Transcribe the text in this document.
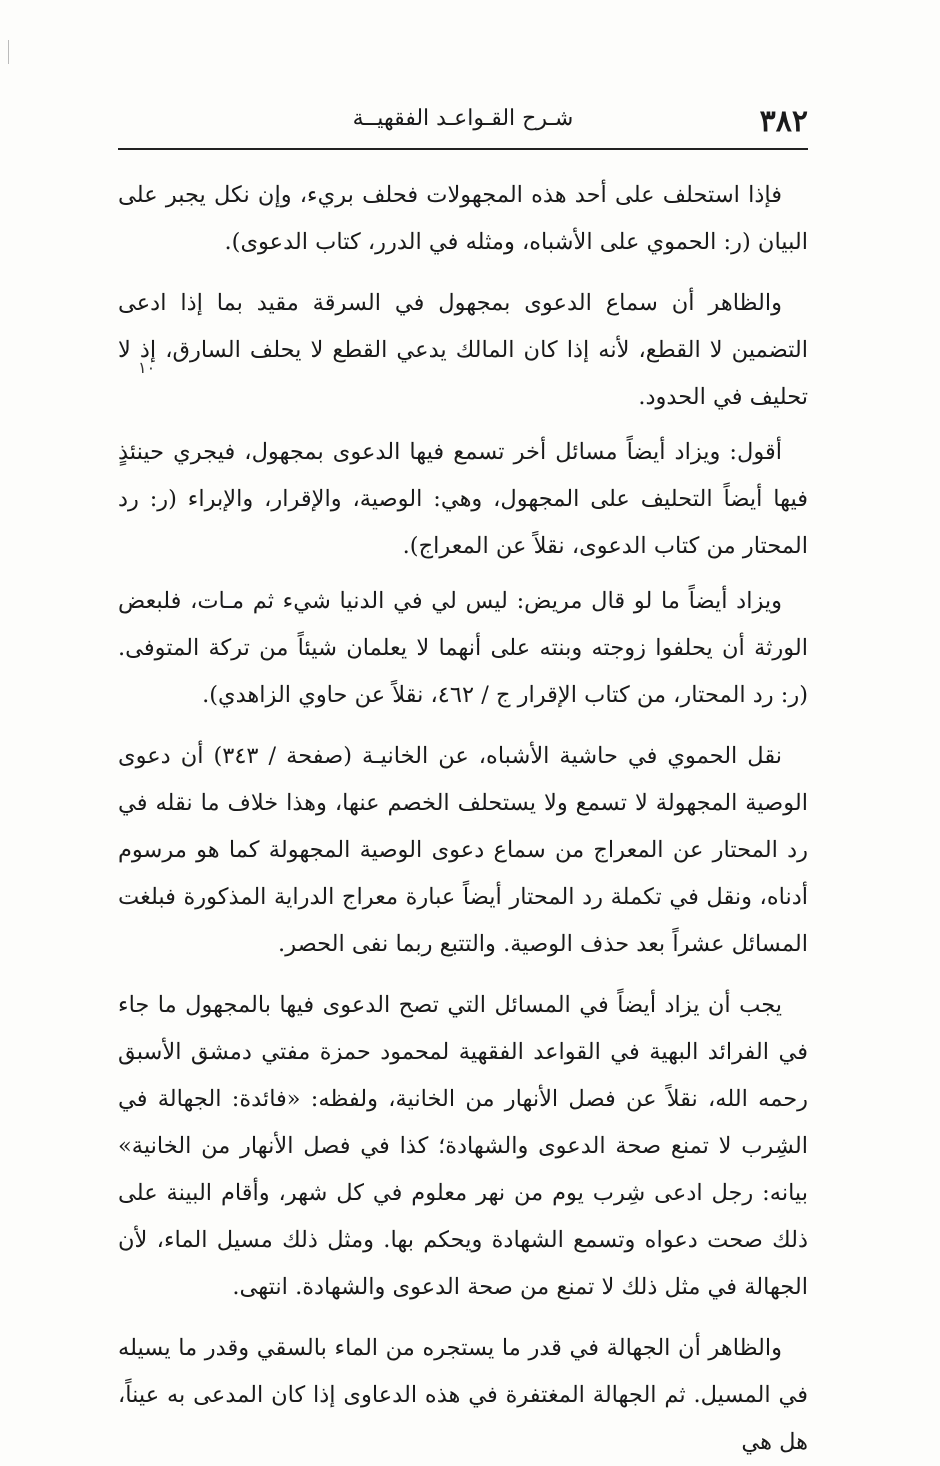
٣٨٢
شـرح القـواعـد الفقهيــة

فإذا استحلف على أحد هذه المجهولات فحلف بريء، وإن نكل يجبر على البيان (ر: الحموي على الأشباه، ومثله في الدرر، كتاب الدعوى).

والظاهر أن سماع الدعوى بمجهول في السرقة مقيد بما إذا ادعى التضمين لا القطع، لأنه إذا كان المالك يدعي القطع لا يحلف السارق، إذ لا تحليف في الحدود.

أقول: ويزاد أيضاً مسائل أخر تسمع فيها الدعوى بمجهول، فيجري حينئذٍ فيها أيضاً التحليف على المجهول، وهي: الوصية، والإقرار، والإبراء (ر: رد المحتار من كتاب الدعوى، نقلاً عن المعراج).

ويزاد أيضاً ما لو قال مريض: ليس لي في الدنيا شيء ثم مـات، فلبعض الورثة أن يحلفوا زوجته وبنته على أنهما لا يعلمان شيئاً من تركة المتوفى. (ر: رد المحتار، من كتاب الإقرار ج / ٤٦٢، نقلاً عن حاوي الزاهدي).

نقل الحموي في حاشية الأشباه، عن الخانيـة (صفحة / ٣٤٣) أن دعوى الوصية المجهولة لا تسمع ولا يستحلف الخصم عنها، وهذا خلاف ما نقله في رد المحتار عن المعراج من سماع دعوى الوصية المجهولة كما هو مرسوم أدناه، ونقل في تكملة رد المحتار أيضاً عبارة معراج الدراية المذكورة فبلغت المسائل عشراً بعد حذف الوصية. والتتبع ربما نفى الحصر.

يجب أن يزاد أيضاً في المسائل التي تصح الدعوى فيها بالمجهول ما جاء في الفرائد البهية في القواعد الفقهية لمحمود حمزة مفتي دمشق الأسبق رحمه الله، نقلاً عن فصل الأنهار من الخانية، ولفظه: «فائدة: الجهالة في الشِرب لا تمنع صحة الدعوى والشهادة؛ كذا في فصل الأنهار من الخانية» بيانه: رجل ادعى شِرب يوم من نهر معلوم في كل شهر، وأقام البينة على ذلك صحت دعواه وتسمع الشهادة ويحكم بها. ومثل ذلك مسيل الماء، لأن الجهالة في مثل ذلك لا تمنع من صحة الدعوى والشهادة. انتهى.

والظاهر أن الجهالة في قدر ما يستجره من الماء بالسقي وقدر ما يسيله في المسيل. ثم الجهالة المغتفرة في هذه الدعاوى إذا كان المدعى به عيناً، هل هي

۱۰
